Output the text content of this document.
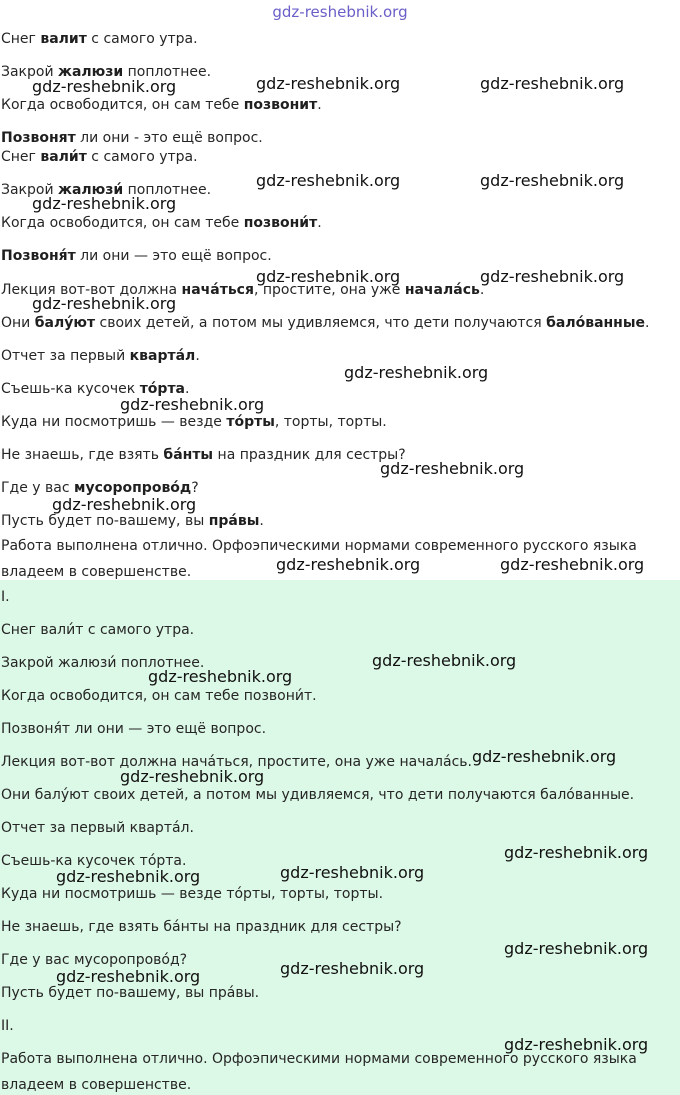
gdz-reshebnik.org
Снег валит с самого утра.
Закрой жалюзи поплотнее.
Когда освободится, он сам тебе позвонит.
Позвонят ли они - это ещё вопрос.
Снег вали́т с самого утра.
Закрой жалюзи́ поплотнее.
Когда освободится, он сам тебе позвони́т.
Позвоня́т ли они — это ещё вопрос.
Лекция вот-вот должна нача́ться, простите, она уже начала́сь.
Они балу́ют своих детей, а потом мы удивляемся, что дети получаются бало́ванные.
Отчет за первый кварта́л.
Съешь-ка кусочек то́рта.
Куда ни посмотришь — везде то́рты, торты, торты.
Не знаешь, где взять ба́нты на праздник для сестры?
Где у вас мусоропрово́д?
Пусть будет по-вашему, вы пра́вы.
Работа выполнена отлично. Орфоэпическими нормами современного русского языка
владеем в совершенстве.
I.
Снег вали́т с самого утра.
Закрой жалюзи́ поплотнее.
Когда освободится, он сам тебе позвони́т.
Позвоня́т ли они — это ещё вопрос.
Лекция вот-вот должна нача́ться, простите, она уже начала́сь.
Они балу́ют своих детей, а потом мы удивляемся, что дети получаются бало́ванные.
Отчет за первый кварта́л.
Съешь-ка кусочек то́рта.
Куда ни посмотришь — везде то́рты, торты, торты.
Не знаешь, где взять ба́нты на праздник для сестры?
Где у вас мусоропрово́д?
Пусть будет по-вашему, вы пра́вы.
II.
Работа выполнена отлично. Орфоэпическими нормами современного русского языка
владеем в совершенстве.
gdz-reshebnik.org	gdz-reshebnik.org	gdz-reshebnik.org
gdz-reshebnik.org
gdz-reshebnik.org	gdz-reshebnik.org
gdz-reshebnik.org
gdz-reshebnik.org	gdz-reshebnik.org
gdz-reshebnik.org
gdz-reshebnik.org
gdz-reshebnik.org
gdz-reshebnik.org
gdz-reshebnik.org	gdz-reshebnik.org
gdz-reshebnik.org
gdz-reshebnik.org
gdz-reshebnik.org
gdz-reshebnik.org
gdz-reshebnik.org
gdz-reshebnik.org	gdz-reshebnik.org
gdz-reshebnik.org
gdz-reshebnik.org	gdz-reshebnik.org
gdz-reshebnik.org
